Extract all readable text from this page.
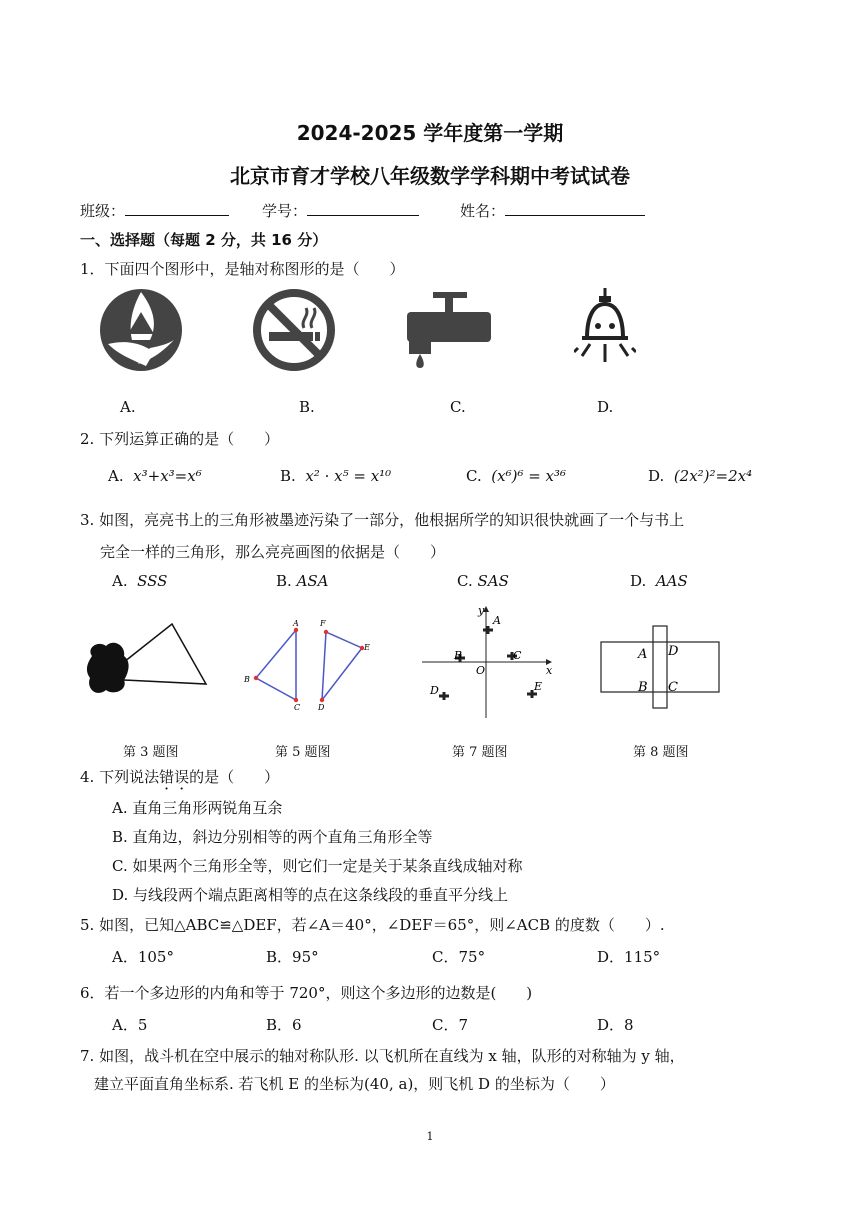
2024-2025 学年度第一学期
北京市育才学校八年级数学学科期中考试试卷
班级：	学号：	姓名：
一、选择题（每题 2 分，共 16 分）
1．下面四个图形中，是轴对称图形的是（　　）
A.	B.	C.	D.
2. 下列运算正确的是（　　）
A. x³+x³=x⁶	B. x² · x⁵ = x¹⁰	C. (x⁶)⁶ = x³⁶	D. (2x²)²=2x⁴
3. 如图，亮亮书上的三角形被墨迹污染了一部分，他根据所学的知识很快就画了一个与书上
完全一样的三角形，那么亮亮画图的依据是（　　）
A. SSS	B. ASA	C. SAS	D. AAS
A
B
C
F
E
D
y
x
O
A
B	C
D	E
A D
B C
第 3 题图	第 5 题图	第 7 题图	第 8 题图
4. 下列说法错误的是（　　）
A. 直角三角形两锐角互余
B. 直角边，斜边分别相等的两个直角三角形全等
C. 如果两个三角形全等，则它们一定是关于某条直线成轴对称
D. 与线段两个端点距离相等的点在这条线段的垂直平分线上
5. 如图，已知△ABC≌△DEF，若∠A＝40°，∠DEF＝65°，则∠ACB 的度数（　　）.
A．105°	B．95°	C．75°	D．115°
6．若一个多边形的内角和等于 720°，则这个多边形的边数是(　　)
A．5	B．6	C．7	D．8
7. 如图，战斗机在空中展示的轴对称队形. 以飞机所在直线为 x 轴，队形的对称轴为 y 轴，
建立平面直角坐标系. 若飞机 E 的坐标为(40, a)，则飞机 D 的坐标为（　　）
1
